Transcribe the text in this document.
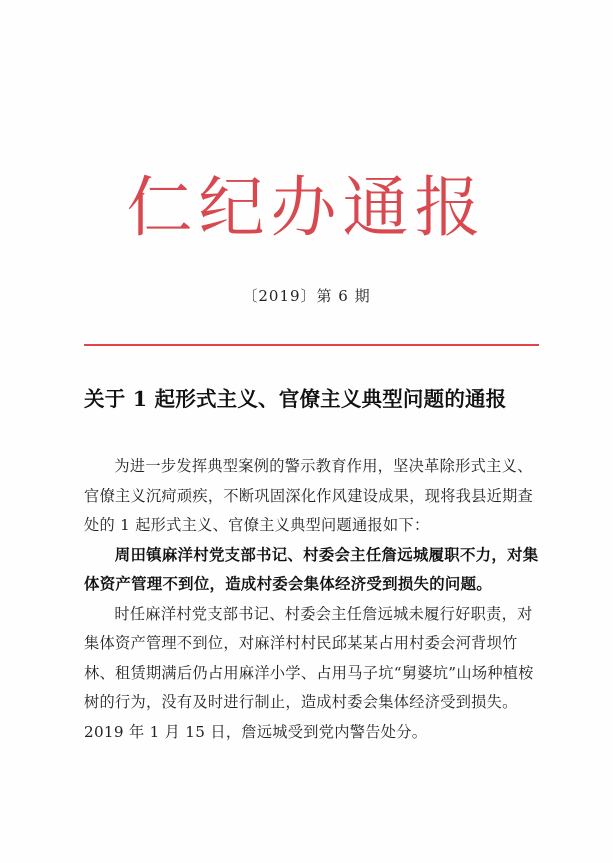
仁纪办通报
〔2019〕第 6 期
关于 1 起形式主义、官僚主义典型问题的通报

为进一步发挥典型案例的警示教育作用，坚决革除形式主义、官僚主义沉疴顽疾，不断巩固深化作风建设成果，现将我县近期查处的 1 起形式主义、官僚主义典型问题通报如下：

周田镇麻洋村党支部书记、村委会主任詹远城履职不力，对集体资产管理不到位，造成村委会集体经济受到损失的问题。

时任麻洋村党支部书记、村委会主任詹远城未履行好职责，对集体资产管理不到位，对麻洋村村民邱某某占用村委会河背坝竹林、租赁期满后仍占用麻洋小学、占用马子坑“舅婆坑”山场种植桉树的行为，没有及时进行制止，造成村委会集体经济受到损失。2019 年 1 月 15 日，詹远城受到党内警告处分。
